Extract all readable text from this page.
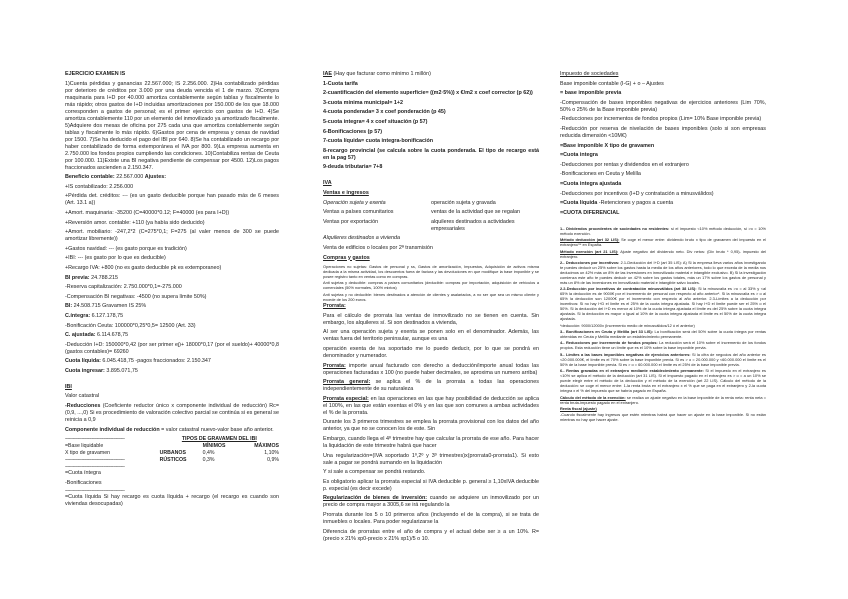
EJERCICIO EXAMEN IS
1)Cuenta pérdidas y ganancias 22.567.000; IS 2.256.000. 2)Ha contabilizado pérdidas por deterioro de créditos por 3.000 por una deuda vencida el 1 de marzo. 3)Compra maquinaria para I+D por 40.000 amortiza contablemente según tablas y fiscalmente lo más rápido; otros gastos de I+D incluidas amortizaciones por 150.000 de los que 18.000 corresponden a gastos de personal; es el primer ejercicio con gastos de I+D. 4)Se amortiza contablemente 110 por un elemento del inmovilizado ya amortizado fiscalmente. 5)Adquiere dos mesas de oficina por 275 cada una que amortiza contablemente según tablas y fiscalmente lo más rápido. 6)Gastos por cena de empresa y cenas de navidad por 1500. 7)Se ha deducido el pago del IBI por 640. 8)Se ha contabilizado un recargo por haber contabilizado de forma extemporánea el IVA por 800. 9)La empresa aumenta en 2.750.000 los fondos propios cumpliendo las condiciones. 10)Contabiliza rentas de Ceuta por 100.000. 11)Existe una BI negativa pendiente de compensar por 4500. 12)Los pagos fraccionados ascienden a 2.150.347.
Beneficio contable: 22.567.000 Ajustes:
+IS contabilizado: 2.256.000
+Pérdida det. créditos: --- (es un gasto deducible porque han pasado más de 6 meses (Art. 13.1 a))
+Amort. maquinaria: -35200 (C=40000*0.12; F=40000 (es para I+D))
+Reversión amor. contable: +110 (ya había sido deducido)
+Amort. mobiliario: -247,2*2 (C=275*0,1; F=275 (al valer menos de 300 se puede amortizar libremente))
+Gastos navidad: --- (es gasto porque es tradición)
+IBI: --- (es gasto por lo que es deducible)
+Recargo IVA: +800 (no es gasto deducible pk es extemporaneo)
BI previa: 24.788.215
-Reserva capitalización: 2.750.000*0,1=-275.000
-Compensación BI negativas: -4500 (no supera límite 50%)
BI: 24.508.715 Gravamen IS 25%
C.íntegra: 6.127.178,75
-Bonificación Ceuta: 100000*0,25*0,5= 12500 (Art. 33)
C. ajustada: 6.114.678,75
-Deducción I+D: 150000*0,42 (por ser primer ej)+ 18000*0,17 (por el sueldo)+ 40000*0,8 (gastos contables)= 69260
Cuota líquida: 6.045.418,75 -pagos fraccionados: 2.150.347
Cuota ingresar: 3.895.071,75
IBI
Valor catastral
-Reducciones (Coeficiente reductor único x componente individual de reducción) Rc= (0,9, ...,0) Si es procedimiento de valoración colectivo parcial se continúa si es general se reinicia a 0,9
Componente individual de reducción = valor catastral nuevo-valor base año anterior.
-----------------------------------------------	TIPOS DE GRAVAMEN DEL IBI		
=Base liquidable		MÍNIMOS	MÁXIMOS
X tipo de gravamen	URBANOS	0,4%	1,10%
-----------------------------------------------	RÚSTICOS	0,3%	0,9%
-----------------------------------------------
=Cuota íntegra
-Bonificaciones
-----------------------------------------------
=Cuota líquida Si hay recargo es cuota líquida + recargo (el recargo es cuando son viviendas desocupadas)
IAE (Hay que facturar como mínimo 1 millón)
1-Cuota tarifa
2-cuantificación del elemento superficie= ((m2·5%)) x €/m2 x coef corrector (p 62))
3-cuota mínima municipal= 1+2
4-cuota ponderada= 3 x coef ponderación (p 45)
5-cuota integra= 4 x coef situación (p 57)
6-Bonificaciones (p 57)
7-cuota líquida= cuota integra-bonificación
8-recargo provincial (se calcula sobre la cuota ponderada. El tipo de recargo está en la pag 57)
9-deuda tributaria= 7+8
IVA
Ventas e ingresos
Operación sujeta y exenta	operación sujeta y gravada
Ventas a países comunitarios	ventas de la actividad que se regalan
Ventas por exportación	alquileres destinados a actividades empresariales
Alquileres destinados a vivienda
Venta de edificios o locales por 2ª transmisión
Compras y gastos
Operaciones no sujetas: Gastos de personal y ss, Gastos de amortización, Impuestos, Adquisición de activos misma dedicada a la misma actividad, los descuentos fuera de factura y las devoluciones en que modifique la base imponible y se posee registro tanto en ventas como en compras.
Anti sujetas y deducible: compras a países comunitarios (deducible: compras por importación, adquisición de vehículos a comerciales (50% normales, 100% mixtos)
Anti sujetas y no deducible: bienes destinados a atención de clientes y asalariados, a no ser que sea un mismo cliente y excede de los 200 euros.
Prorrata:
Para el cálculo de prorrata las ventas de inmovilizado no se tienen en cuenta. Sin embargo, los alquileres sí. Si son destinados a vivienda,
Al ser una operación sujeta y exenta se ponen solo en el denominador. Además, las ventas fuera del territorio peninsular, aunque es una
operación exenta de iva soportado me lo puedo deducir, por lo que se pondrá en denominador y numerador.
Prorrata: importe anual facturado con derecho a deducción/importe anual todas las operaciones facturadas x 100 (no puede haber decimales, se aproxima un numero arriba)
Prorrata general: se aplica el % de la prorrata a todas las operaciones independientemente de su naturaleza
Prorrata especial: en las operaciones en las que hay posibilidad de deducción se aplica el 100%, en las que están exentas el 0% y en las que son comunes a ambas actividades el % de la prorrata.
Durante los 3 primeros trimestres se emplea la prorrata provisional con los datos del año anterior, ya que no se conocen los de este. Sin
Embargo, cuando llega el 4º trimestre hay que calcular la prorrata de ese año. Para hacer la liquidación de este trimestre habrá que hacer
Una regularización=(IVA soportado 1º,2º y 3º trimestres)x(prorrata0-prorrata1). Si esto sale a pagar se pondrá sumando en la liquidación
Y si sale a compensar se pondrá restando.
Es obligatorio aplicar la prorrata especial si IVA deducible p. general ≥ 1,10xIVA deducible p. especial (es decir excede)
Regularización de bienes de inversión: cuando se adquiere un inmovilizado por un precio de compra mayor a 3005,6 se irá regulando la
Prorrata durante los 5 o 10 primeros años (incluyendo el de la compra), si se trata de inmuebles o locales. Para poder regularizarse la
Diferencia de prorratas entre el año de compra y el actual debe ser ≥ a un 10%. R= (precio x 21% xp0-precio x 21% xp1)/5 o 10.
Impuesto de sociedades
Base imponible contable (I-G) + o – Ajustes
= base imponible previa
-Compensación de bases imponibles negativas de ejercicios anteriores (Lim 70%, 50% o 25% de la Base imponible previa)
-Reducciones por incrementos de fondos propios (Lim= 10% Base imponible previa)
-Reducción por reserva de nivelación de bases imponibles (solo si son empresas reducida dimensión <10M€)
=Base imponible X tipo de gravamen
=Cuota integra
-Deducciones por rentas y dividendos en el extranjero
-Bonificaciones en Ceuta y Melilla
=Cuota integra ajustada
-Deducciones por incentivos (I+D y contratación a minusválidos)
=Cuota líquida -Retenciones y pagos a cuenta
=CUOTA DIFERENCIAL
1.- Dividendos procedentes de sociedades no residentes: si el impuesto <10% método deducción, si >o = 10% método exención.
Método deducción (art 32 LIS): Se coge el menor entre: dividendo bruto x tipo de gravamen del impuesto en el extranjero/** en España.
Método exención (art 21 LIS): Ajuste negativo del dividendo neto. Div netos: (Div bruto * 0,95)- impuesto del extranjero.
2.- Deducciones por incentivos: 2.1-Deducción del I+D (art 35 LIS): A) Si la empresa lleva varios años investigando te puedes deducir un 25% sobre los gastos hasta la media de los años anteriores, todo lo que exceda de la media nos deducimos un 42% más un 8% de las inversiones en inmovilizado material e intangible exclusivo. B) Si la investigación comienza este año te puedes deducir un 42% sobre los gastos totales, más un 17% sobre los gastos de personal y más un 8% de las inversiones en inmovilizado material e intangible salvo locales.
2.2-Deducción por incentivos de contratación minusválidos (art 38 LIS): Si la minusvalía es >o = al 33% y <al 65% la deducción es de 9000€ por el incremento de personal con respecto al año anterior*. Si la minusvalía es > o al 65% la deducción son 12000€ por el incremento con respecto al año anterior. 2.3-Límites a la deducción por incentivos: Si no hay I+D el límite es el 25% de la cuota íntegra ajustada. Si hay I+D el límite puede ser el 25% o el 50%. Si la deducción del I+D es menor al 10% de la cuota íntegra ajustada el límite es del 25% sobre la cuota íntegra ajustada. Si la deducción es mayor o igual al 10% de la cuota íntegra ajustada el límite es el 50% de la cuota íntegra ajustada.
*deducción: 9000/12000x (Incremento medio de minusválidos/12 ó el anterior)
3.- Bonificaciones en Ceuta y Melilla (art 33 LIS): La bonificación será del 50% sobre la cuota íntegra por rentas obtenidas en Ceuta y Melilla mediante un establecimiento permanente.
4.- Reducciones por incremento de fondos propios: La reducción será el 10% sobre el incremento de los fondos propios. Esta reducción tiene un límite que es el 10% sobre la base imponible previa.
5.- Límites a las bases imponibles negativas de ejercicios anteriores: Si la cifra de negocios del año anterior es <20.000.000€, el límite es el 70% sobre la base imponible previa. Si es > o = 20.000.000 y <60.000.000 el límite es el 50% de la base imponible previa. Si es > o = 60.000.000 el límite es el 25% de la base imponible previa.
6.- Rentas gravadas en el extranjero mediante establecimiento permanente: Si el impuesto en el extranjero es <10% se aplica el método de la deducción (art 31 LIS). Si el impuesto pagado en el extranjero es > o = a un 10% se puede elegir entre el método de la deducción y el método de la exención (art 22 LIS). Cálculo del método de la deducción: se coge el menor entre: 1-la renta bruta en el extranjero x el % que se paga en el extranjero y 2-la cuota íntegra x el % del impuesto que se habría pagado en España.
Cálculo del método de la exención: se realiza un ajuste negativo en la base imponible de la renta neta: renta neta = renta bruta-impuesto pagado en el extranjero.
Renta fiscal (ajuste)
-Cuando fiscalmente hay ingresos que estén mientras habrá que hacer un ajuste en la base imponible. Si no están mientras no hay que hacer ajuste.
